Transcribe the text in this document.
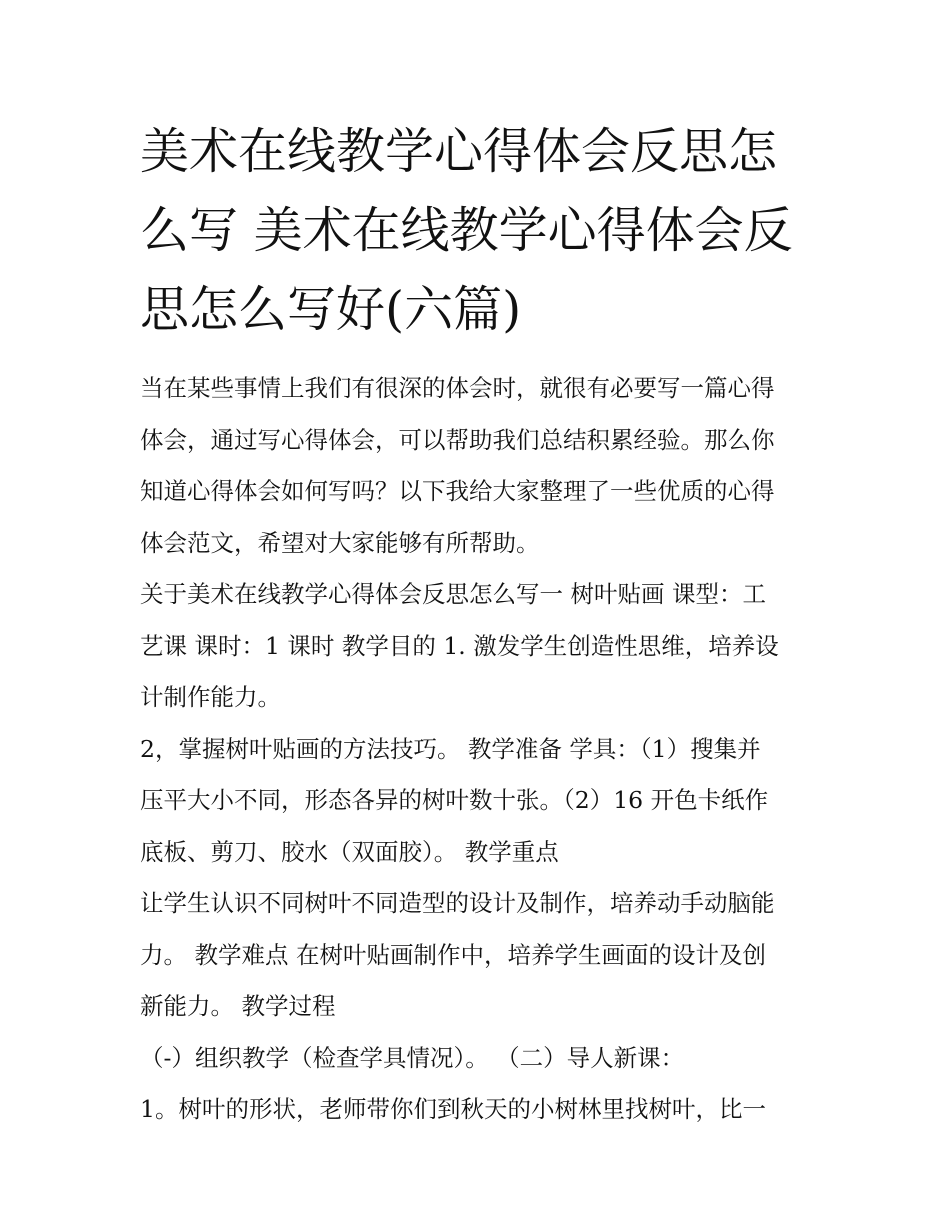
美术在线教学心得体会反思怎
么写 美术在线教学心得体会反
思怎么写好(六篇)
当在某些事情上我们有很深的体会时，就很有必要写一篇心得
体会，通过写心得体会，可以帮助我们总结积累经验。那么你
知道心得体会如何写吗？以下我给大家整理了一些优质的心得
体会范文，希望对大家能够有所帮助。
关于美术在线教学心得体会反思怎么写一 树叶贴画 课型：工
艺课 课时：1 课时 教学目的 1. 激发学生创造性思维，培养设
计制作能力。
2，掌握树叶贴画的方法技巧。 教学准备 学具：（1）搜集并
压平大小不同，形态各异的树叶数十张。（2）16 开色卡纸作
底板、剪刀、胶水（双面胶）。 教学重点
让学生认识不同树叶不同造型的设计及制作，培养动手动脑能
力。 教学难点 在树叶贴画制作中，培养学生画面的设计及创
新能力。 教学过程
（-）组织教学（检查学具情况）。 （二）导人新课：
1。树叶的形状，老师带你们到秋天的小树林里找树叶，比一
